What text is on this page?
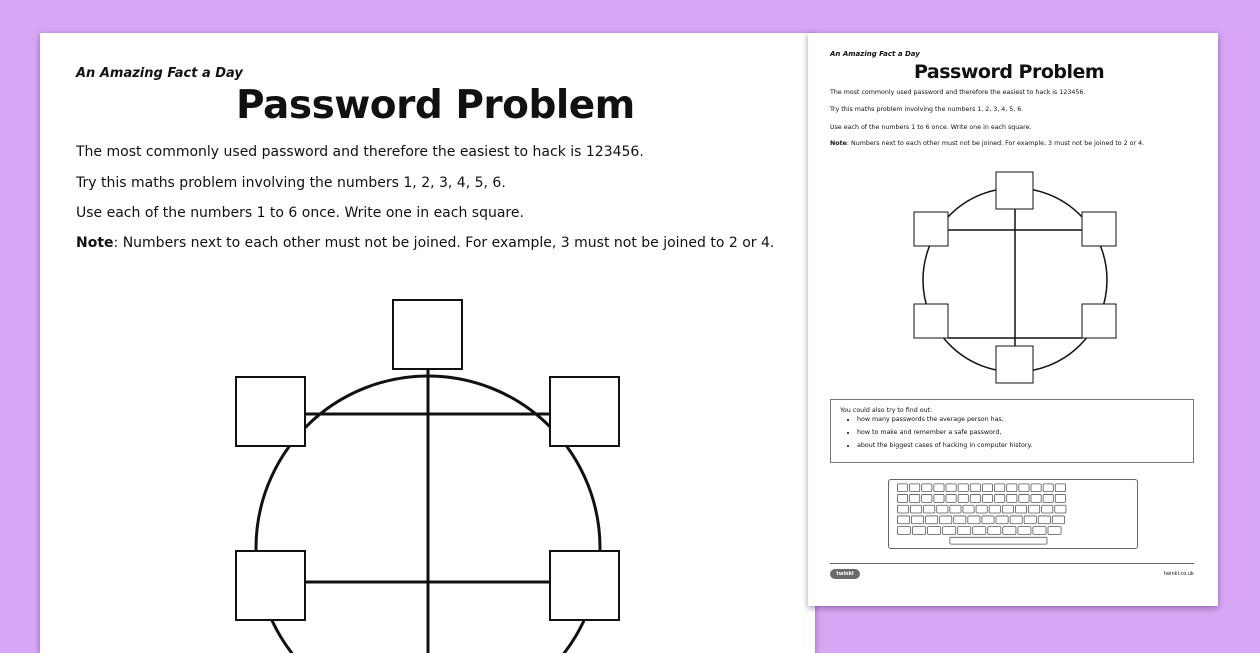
An Amazing Fact a Day
Password Problem
The most commonly used password and therefore the easiest to hack is 123456.
Try this maths problem involving the numbers 1, 2, 3, 4, 5, 6.
Use each of the numbers 1 to 6 once. Write one in each square.
Note: Numbers next to each other must not be joined. For example, 3 must not be joined to 2 or 4.
An Amazing Fact a Day
Password Problem
The most commonly used password and therefore the easiest to hack is 123456.
Try this maths problem involving the numbers 1, 2, 3, 4, 5, 6.
Use each of the numbers 1 to 6 once. Write one in each square.
Note: Numbers next to each other must not be joined. For example, 3 must not be joined to 2 or 4.
You could also try to find out:
• how many passwords the average person has,
• how to make and remember a safe password,
• about the biggest cases of hacking in computer history.
twinkl	twinkl.co.uk
